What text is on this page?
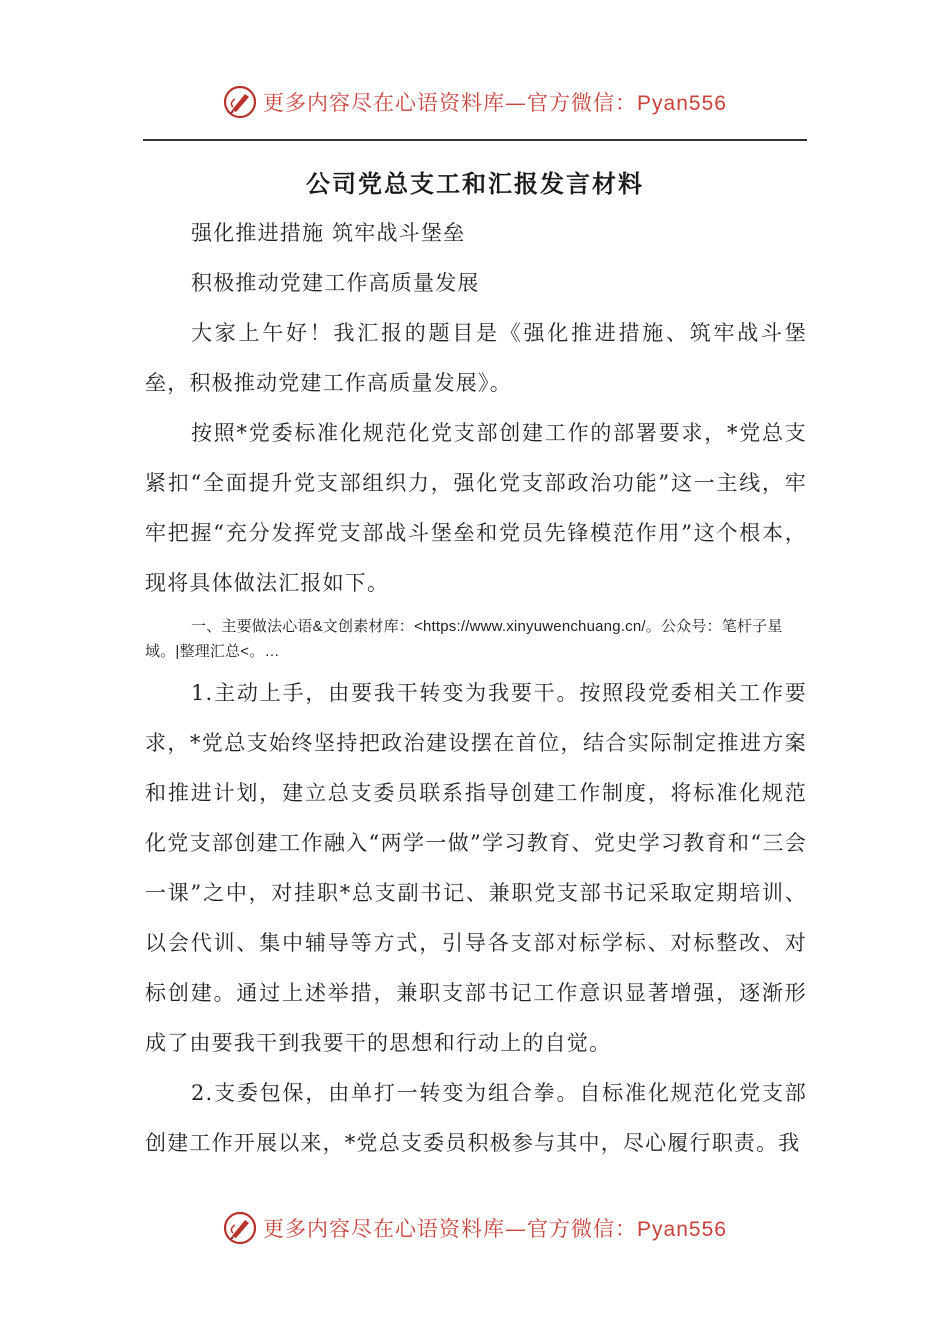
更多内容尽在心语资料库—官方微信：Pyan556
公司党总支工和汇报发言材料

强化推进措施 筑牢战斗堡垒

积极推动党建工作高质量发展

大家上午好！我汇报的题目是《强化推进措施、筑牢战斗堡垒，积极推动党建工作高质量发展》。

按照*党委标准化规范化党支部创建工作的部署要求，*党总支紧扣“全面提升党支部组织力，强化党支部政治功能”这一主线，牢牢把握“充分发挥党支部战斗堡垒和党员先锋模范作用”这个根本，现将具体做法汇报如下。

一、主要做法心语&文创素材库：<https://www.xinyuwenchuang.cn/。公众号：笔杆子星域。|整理汇总<。…

1.主动上手，由要我干转变为我要干。按照段党委相关工作要求，*党总支始终坚持把政治建设摆在首位，结合实际制定推进方案和推进计划，建立总支委员联系指导创建工作制度，将标准化规范化党支部创建工作融入“两学一做”学习教育、党史学习教育和“三会一课”之中，对挂职*总支副书记、兼职党支部书记采取定期培训、以会代训、集中辅导等方式，引导各支部对标学标、对标整改、对标创建。通过上述举措，兼职支部书记工作意识显著增强，逐渐形成了由要我干到我要干的思想和行动上的自觉。

2.支委包保，由单打一转变为组合拳。自标准化规范化党支部创建工作开展以来，*党总支委员积极参与其中，尽心履行职责。我

更多内容尽在心语资料库—官方微信：Pyan556
